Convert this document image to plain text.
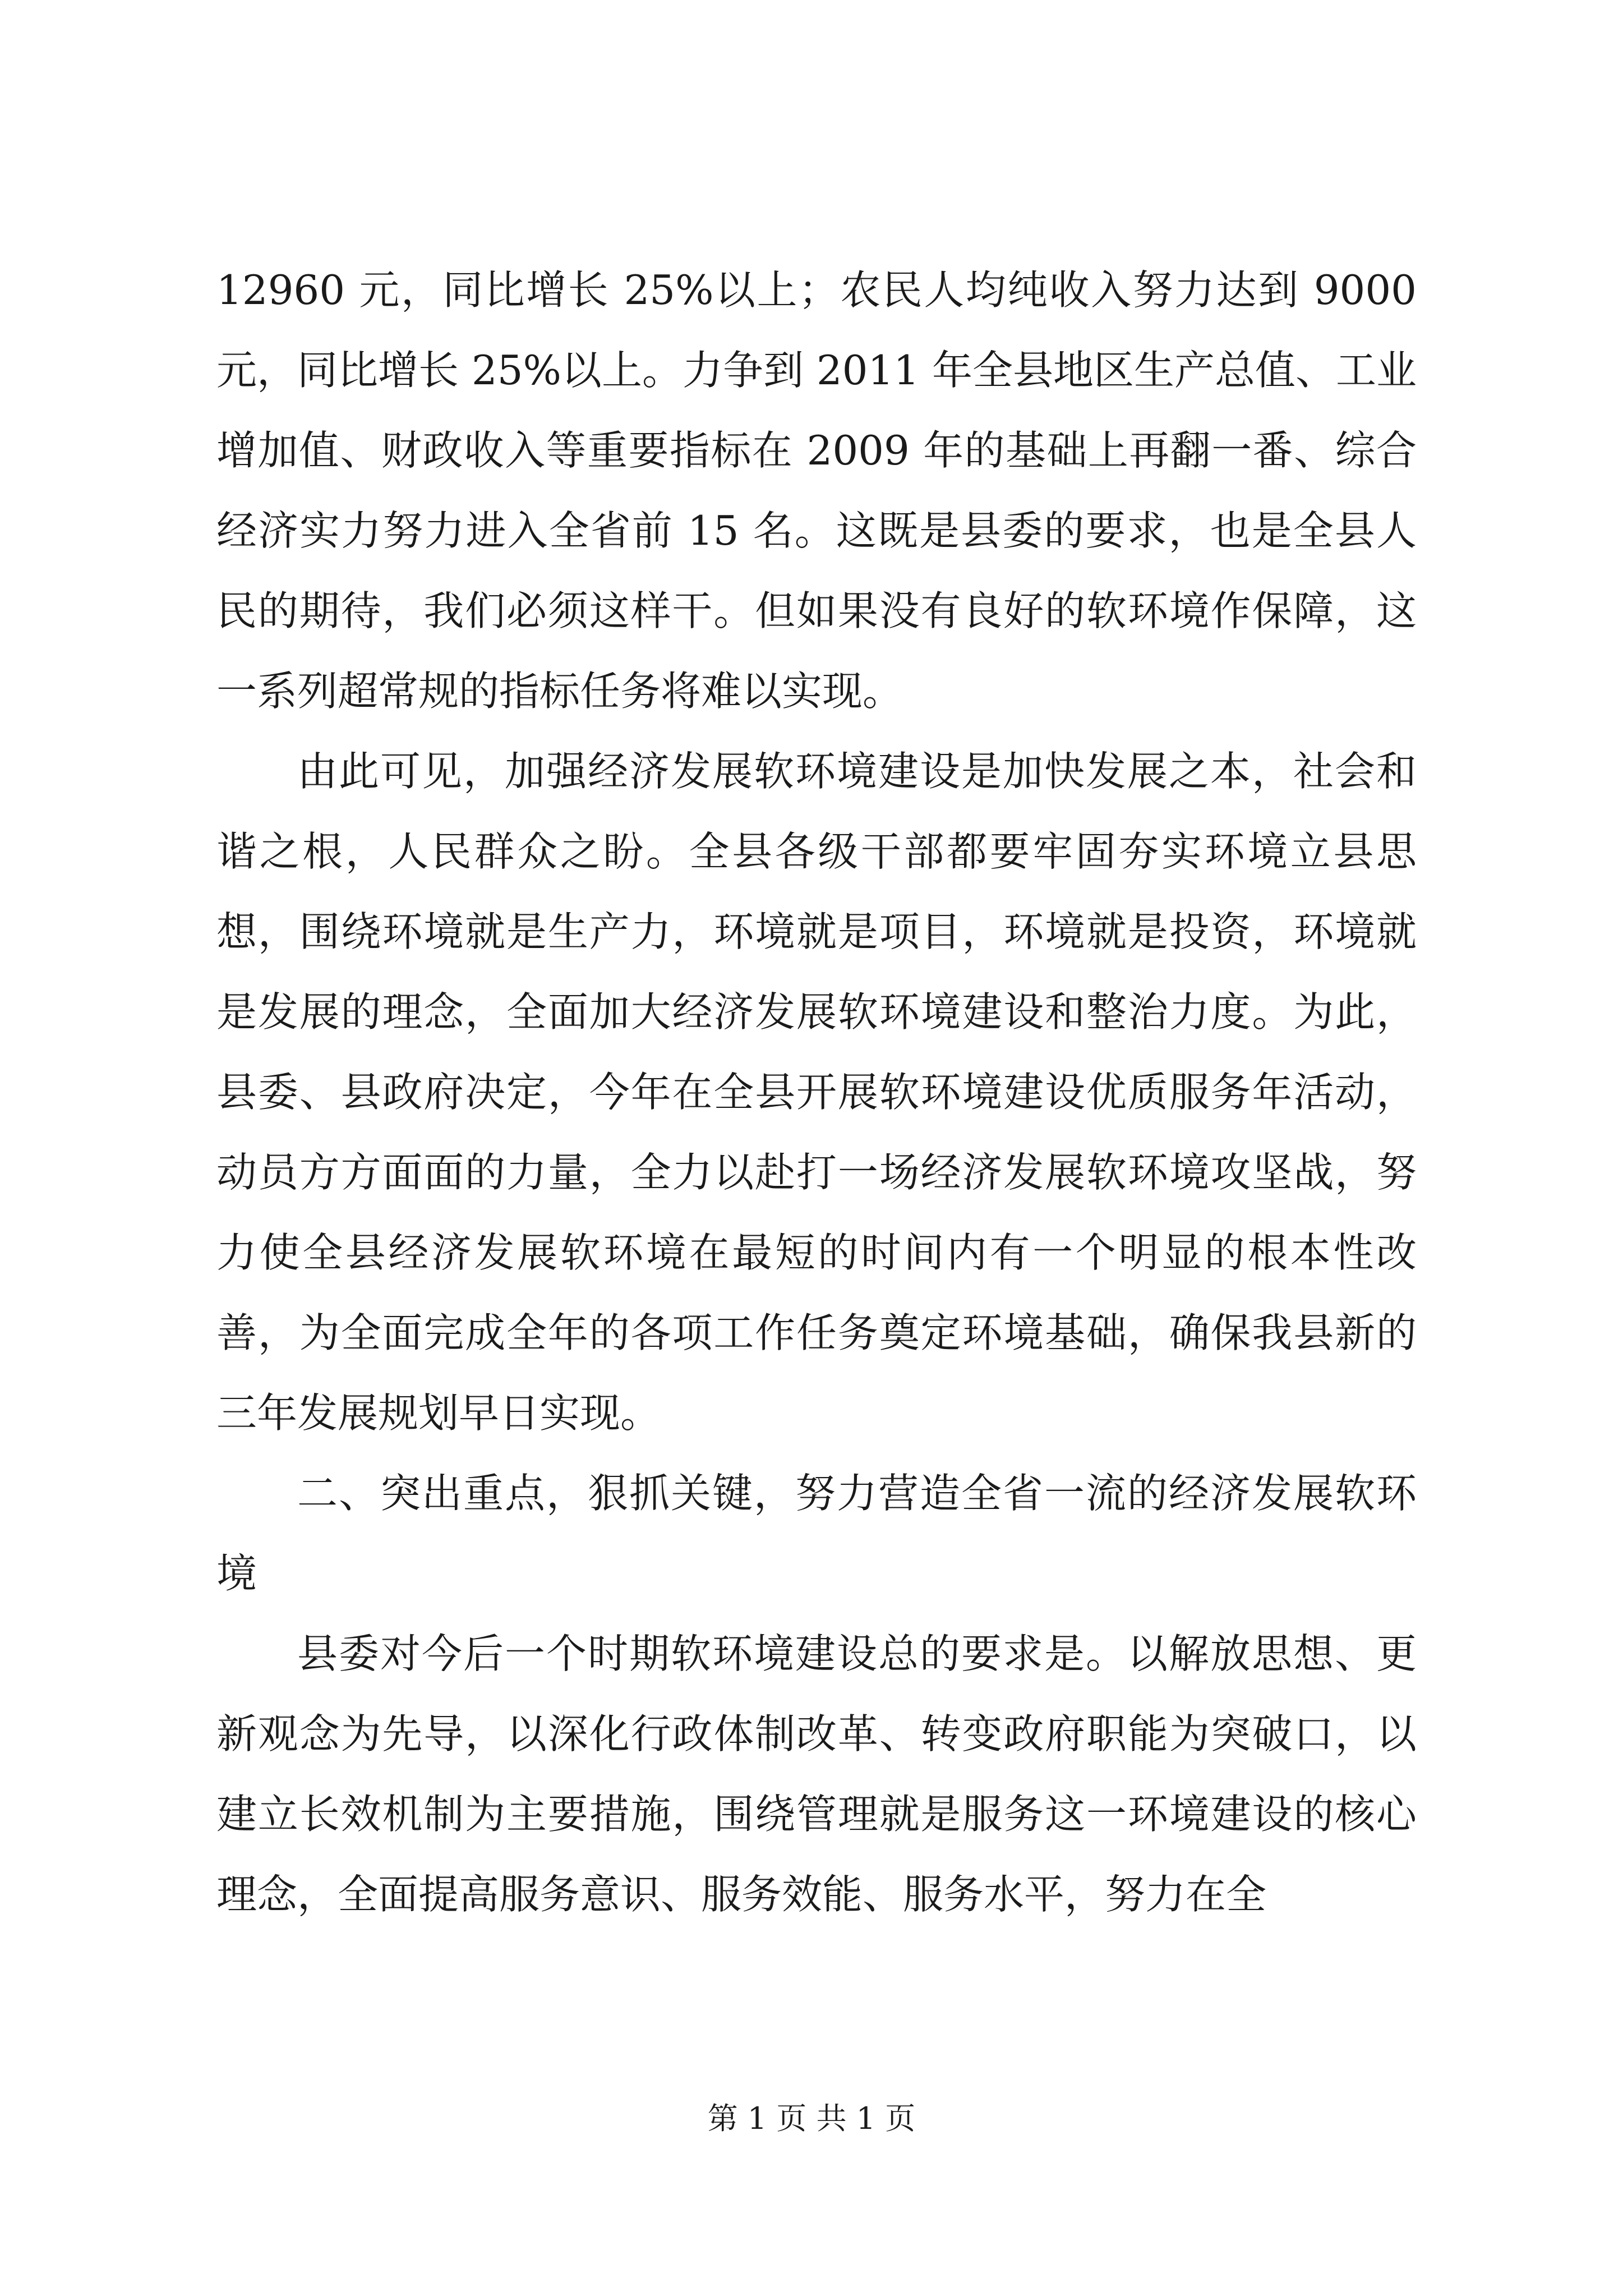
12960 元，同比增长 25%以上；农民人均纯收入努力达到 9000 元，同比增长 25%以上。力争到 2011 年全县地区生产总值、工业增加值、财政收入等重要指标在 2009 年的基础上再翻一番、综合经济实力努力进入全省前 15 名。这既是县委的要求，也是全县人民的期待，我们必须这样干。但如果没有良好的软环境作保障，这一系列超常规的指标任务将难以实现。

由此可见，加强经济发展软环境建设是加快发展之本，社会和谐之根，人民群众之盼。全县各级干部都要牢固夯实环境立县思想，围绕环境就是生产力，环境就是项目，环境就是投资，环境就是发展的理念，全面加大经济发展软环境建设和整治力度。为此，县委、县政府决定，今年在全县开展软环境建设优质服务年活动，动员方方面面的力量，全力以赴打一场经济发展软环境攻坚战，努力使全县经济发展软环境在最短的时间内有一个明显的根本性改善，为全面完成全年的各项工作任务奠定环境基础，确保我县新的三年发展规划早日实现。

二、突出重点，狠抓关键，努力营造全省一流的经济发展软环境

县委对今后一个时期软环境建设总的要求是。以解放思想、更新观念为先导，以深化行政体制改革、转变政府职能为突破口，以建立长效机制为主要措施，围绕管理就是服务这一环境建设的核心理念，全面提高服务意识、服务效能、服务水平，努力在全

第 1 页 共 1 页
